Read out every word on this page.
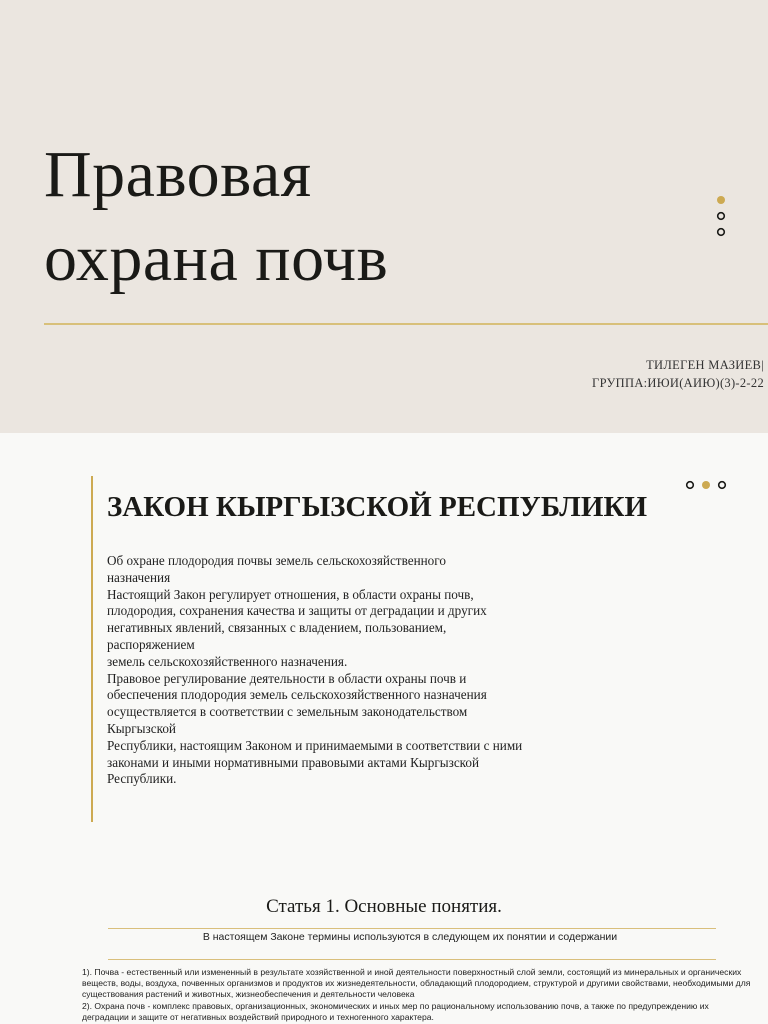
Правовая
охрана почв
ТИЛЕГЕН МАЗИЕВ|
ГРУППА:ИЮИ(АИЮ)(3)-2-22
ЗАКОН КЫРГЫЗСКОЙ РЕСПУБЛИКИ
Об охране плодородия почвы земель сельскохозяйственного
назначения
Настоящий Закон регулирует отношения, в области охраны почв,
плодородия, сохранения качества и защиты от деградации и других
негативных явлений, связанных с владением, пользованием,
распоряжением
земель сельскохозяйственного назначения.
Правовое регулирование деятельности в области охраны почв и
обеспечения плодородия земель сельскохозяйственного назначения
осуществляется в соответствии с земельным законодательством
Кыргызской
Республики, настоящим Законом и принимаемыми в соответствии с ними
законами и иными нормативными правовыми актами Кыргызской
Республики.
Статья 1. Основные понятия.
В настоящем Законе термины используются в следующем их понятии и содержании

1). Почва - естественный или измененный в результате хозяйственной и иной деятельности поверхностный слой земли, состоящий из минеральных и органических веществ, воды, воздуха, почвенных организмов и продуктов их жизнедеятельности, обладающий плодородием, структурой и другими свойствами, необходимыми для существования растений и животных, жизнеобеспечения и деятельности человека

2). Охрана почв - комплекс правовых, организационных, экономических и иных мер по рациональному использованию почв, а также по предупреждению их деградации и защите от негативных воздействий природного и техногенного характера.
